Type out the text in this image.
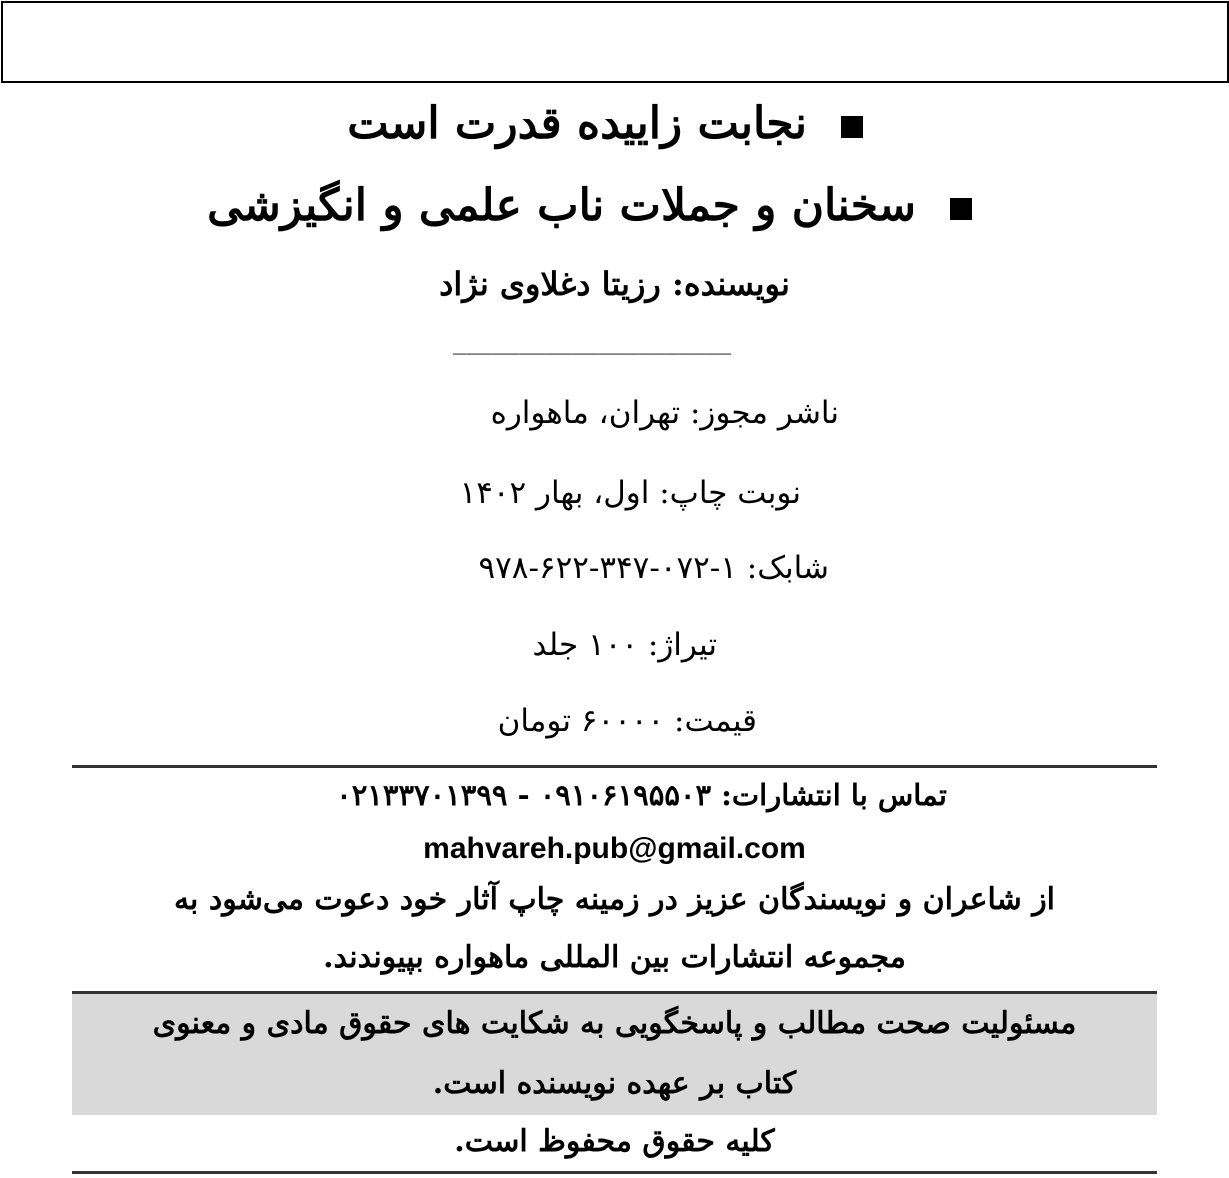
نجابت زاییده قدرت است
سخنان و جملات ناب علمی و انگیزشی
نویسنده: رزیتا دغلاوی نژاد
_____________________
ناشر مجوز: تهران، ماهواره
نوبت چاپ: اول، بهار ۱۴۰۲
شابک: ۱-۰۷۲-۳۴۷-۶۲۲-۹۷۸
تیراژ: ۱۰۰ جلد
قیمت: ۶۰۰۰۰ تومان
تماس با انتشارات: ۰۹۱۰۶۱۹۵۵۰۳ - ۰۲۱۳۳۷۰۱۳۹۹
mahvareh.pub@gmail.com
از شاعران و نویسندگان عزیز در زمینه چاپ آثار خود دعوت می‌شود به
مجموعه انتشارات بین المللی ماهواره بپیوندند.
مسئولیت صحت مطالب و پاسخگویی به شکایت های حقوق مادی و معنوی
کتاب بر عهده نویسنده است.
کلیه حقوق محفوظ است.
